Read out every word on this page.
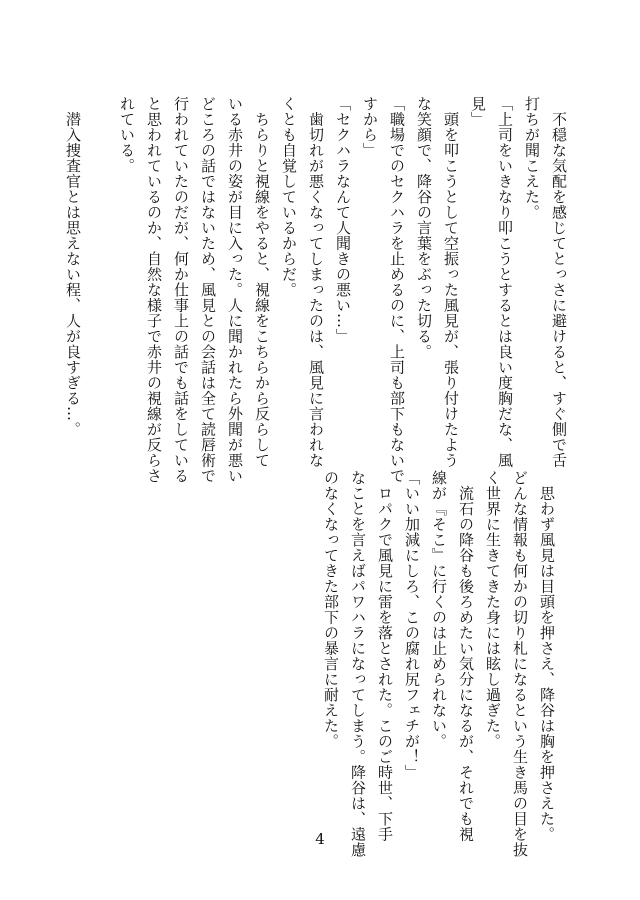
　不穏な気配を感じてとっさに避けると、すぐ側で舌
打ちが聞こえた。
「上司をいきなり叩こうとするとは良い度胸だな、風
見」
　頭を叩こうとして空振った風見が、張り付けたよう
な笑顔で、降谷の言葉をぶった切る。
「職場でのセクハラを止めるのに、上司も部下もないで
すから」
「セクハラなんて人聞きの悪い…」
　歯切れが悪くなってしまったのは、風見に言われな
くとも自覚しているからだ。
　ちらりと視線をやると、視線をこちらから反らして
いる赤井の姿が目に入った。人に聞かれたら外聞が悪い
どころの話ではないため、風見との会話は全て読唇術で
行われていたのだが、何か仕事上の話でも話をしている
と思われているのか、自然な様子で赤井の視線が反らさ
れている。

　潜入捜査官とは思えない程、人が良すぎる…。
　思わず風見は目頭を押さえ、降谷は胸を押さえた。
どんな情報も何かの切り札になるという生き馬の目を抜
く世界に生きてきた身には眩し過ぎた。
　流石の降谷も後ろめたい気分になるが、それでも視
線が『そこ』に行くのは止められない。
「いい加減にしろ、この腐れ尻フェチが！」
　ロパクで風見に雷を落とされた。このご時世、下手
なことを言えばパワハラになってしまう。降谷は、遠慮
のなくなってきた部下の暴言に耐えた。
4
